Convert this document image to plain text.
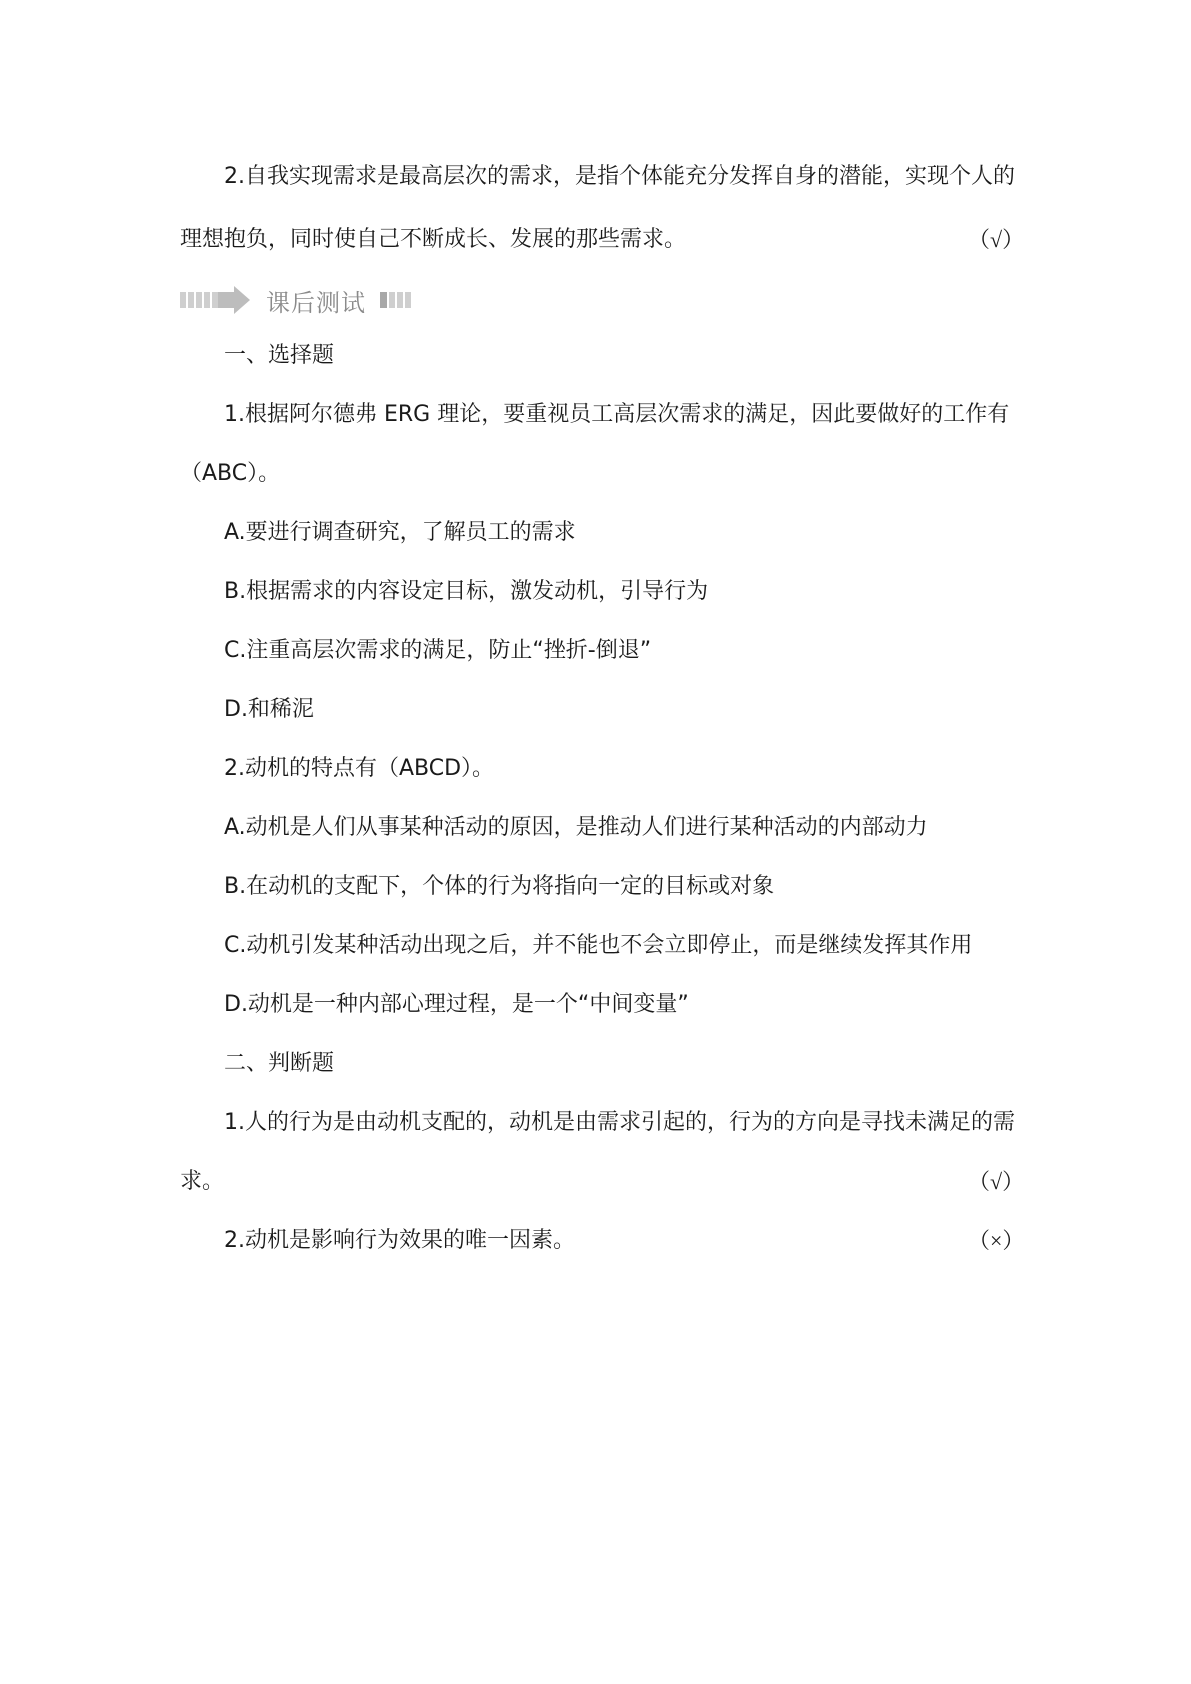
2.自我实现需求是最高层次的需求，是指个体能充分发挥自身的潜能，实现个人的
理想抱负，同时使自己不断成长、发展的那些需求。	（√）
课后测试
一、选择题
1.根据阿尔德弗 ERG 理论，要重视员工高层次需求的满足，因此要做好的工作有
（ABC）。
A.要进行调查研究，了解员工的需求
B.根据需求的内容设定目标，激发动机，引导行为
C.注重高层次需求的满足，防止“挫折-倒退”
D.和稀泥
2.动机的特点有（ABCD）。
A.动机是人们从事某种活动的原因，是推动人们进行某种活动的内部动力
B.在动机的支配下，个体的行为将指向一定的目标或对象
C.动机引发某种活动出现之后，并不能也不会立即停止，而是继续发挥其作用
D.动机是一种内部心理过程，是一个“中间变量”
二、判断题
1.人的行为是由动机支配的，动机是由需求引起的，行为的方向是寻找未满足的需
求。	（√）
2.动机是影响行为效果的唯一因素。	（×）
